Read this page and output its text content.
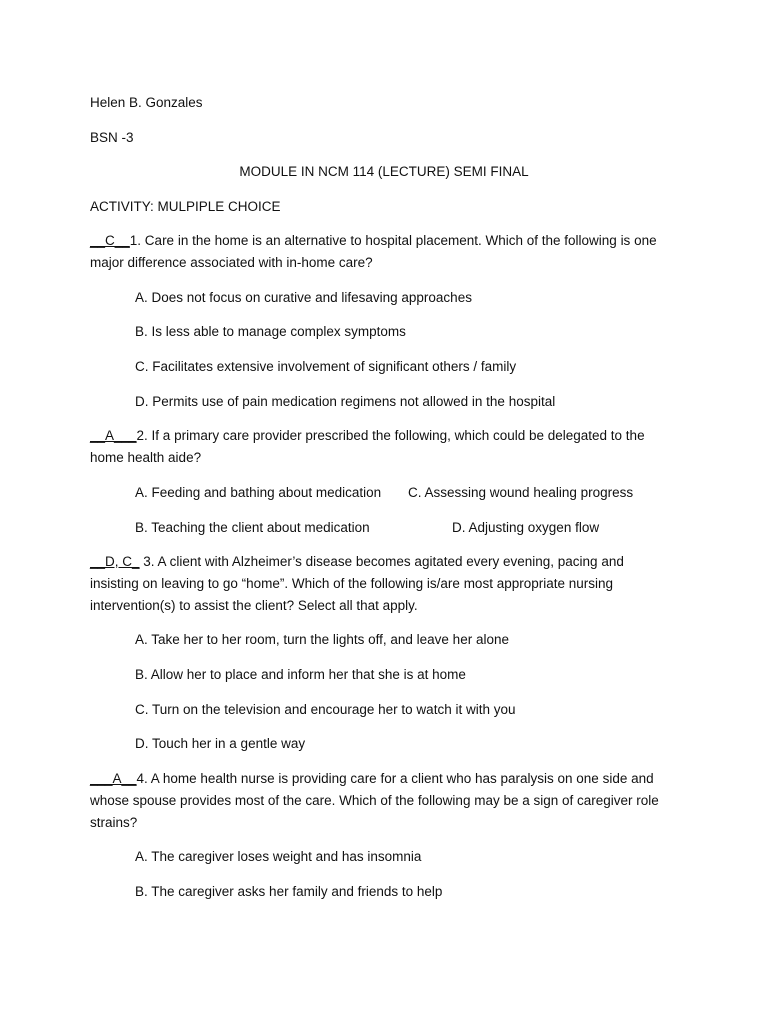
Helen B. Gonzales
BSN -3
MODULE IN NCM 114 (LECTURE) SEMI FINAL
ACTIVITY: MULPIPLE CHOICE
__C__1. Care in the home is an alternative to hospital placement. Which of the following is one
major difference associated with in-home care?
A. Does not focus on curative and lifesaving approaches
B. Is less able to manage complex symptoms
C. Facilitates extensive involvement of significant others / family
D. Permits use of pain medication regimens not allowed in the hospital
__A___2. If a primary care provider prescribed the following, which could be delegated to the
home health aide?
A. Feeding and bathing about medication C. Assessing wound healing progress
B. Teaching the client about medication	D. Adjusting oxygen flow
__D, C_ 3. A client with Alzheimer’s disease becomes agitated every evening, pacing and
insisting on leaving to go “home”. Which of the following is/are most appropriate nursing
intervention(s) to assist the client? Select all that apply.
A. Take her to her room, turn the lights off, and leave her alone
B. Allow her to place and inform her that she is at home
C. Turn on the television and encourage her to watch it with you
D. Touch her in a gentle way
___A__4. A home health nurse is providing care for a client who has paralysis on one side and
whose spouse provides most of the care. Which of the following may be a sign of caregiver role
strains?
A. The caregiver loses weight and has insomnia
B. The caregiver asks her family and friends to help
